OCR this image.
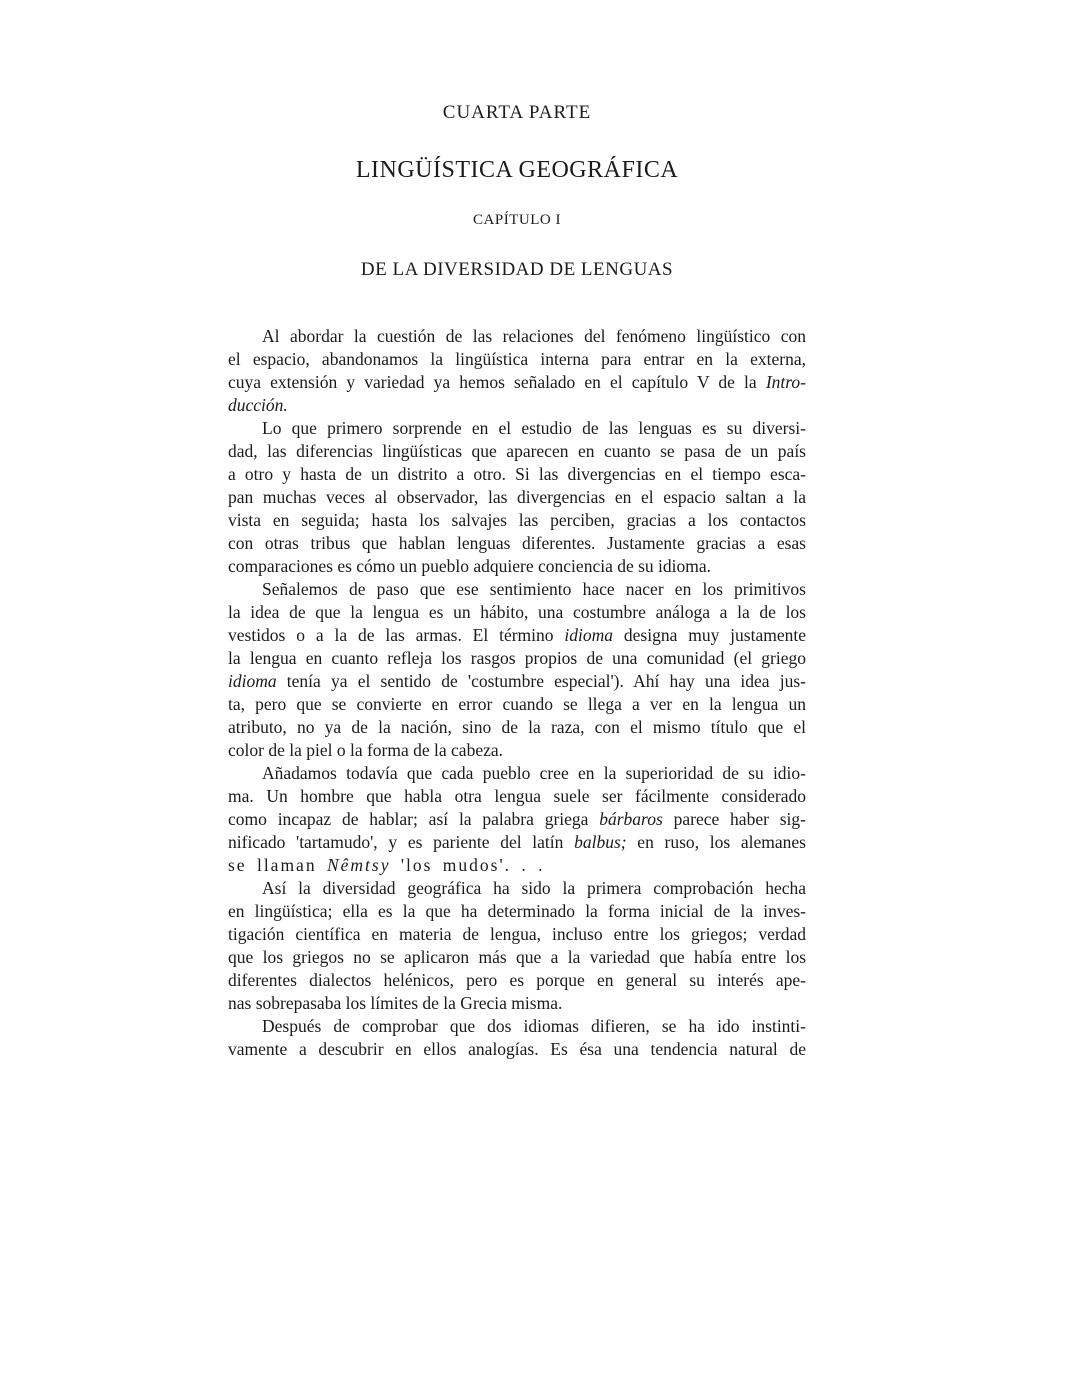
CUARTA PARTE
LINGÜÍSTICA GEOGRÁFICA
CAPÍTULO I
DE LA DIVERSIDAD DE LENGUAS
Al abordar la cuestión de las relaciones del fenómeno lingüístico con
el espacio, abandonamos la lingüística interna para entrar en la externa,
cuya extensión y variedad ya hemos señalado en el capítulo V de la Intro-
ducción.
Lo que primero sorprende en el estudio de las lenguas es su diversi-
dad, las diferencias lingüísticas que aparecen en cuanto se pasa de un país
a otro y hasta de un distrito a otro. Si las divergencias en el tiempo esca-
pan muchas veces al observador, las divergencias en el espacio saltan a la
vista en seguida; hasta los salvajes las perciben, gracias a los contactos
con otras tribus que hablan lenguas diferentes. Justamente gracias a esas
comparaciones es cómo un pueblo adquiere conciencia de su idioma.
Señalemos de paso que ese sentimiento hace nacer en los primitivos
la idea de que la lengua es un hábito, una costumbre análoga a la de los
vestidos o a la de las armas. El término idioma designa muy justamente
la lengua en cuanto refleja los rasgos propios de una comunidad (el griego
idioma tenía ya el sentido de 'costumbre especial'). Ahí hay una idea jus-
ta, pero que se convierte en error cuando se llega a ver en la lengua un
atributo, no ya de la nación, sino de la raza, con el mismo título que el
color de la piel o la forma de la cabeza.
Añadamos todavía que cada pueblo cree en la superioridad de su idio-
ma. Un hombre que habla otra lengua suele ser fácilmente considerado
como incapaz de hablar; así la palabra griega bárbaros parece haber sig-
nificado 'tartamudo', y es pariente del latín balbus; en ruso, los alemanes
se llaman Nêmtsy 'los mudos'. . .
Así la diversidad geográfica ha sido la primera comprobación hecha
en lingüística; ella es la que ha determinado la forma inicial de la inves-
tigación científica en materia de lengua, incluso entre los griegos; verdad
que los griegos no se aplicaron más que a la variedad que había entre los
diferentes dialectos helénicos, pero es porque en general su interés ape-
nas sobrepasaba los límites de la Grecia misma.
Después de comprobar que dos idiomas difieren, se ha ido instinti-
vamente a descubrir en ellos analogías. Es ésa una tendencia natural de
